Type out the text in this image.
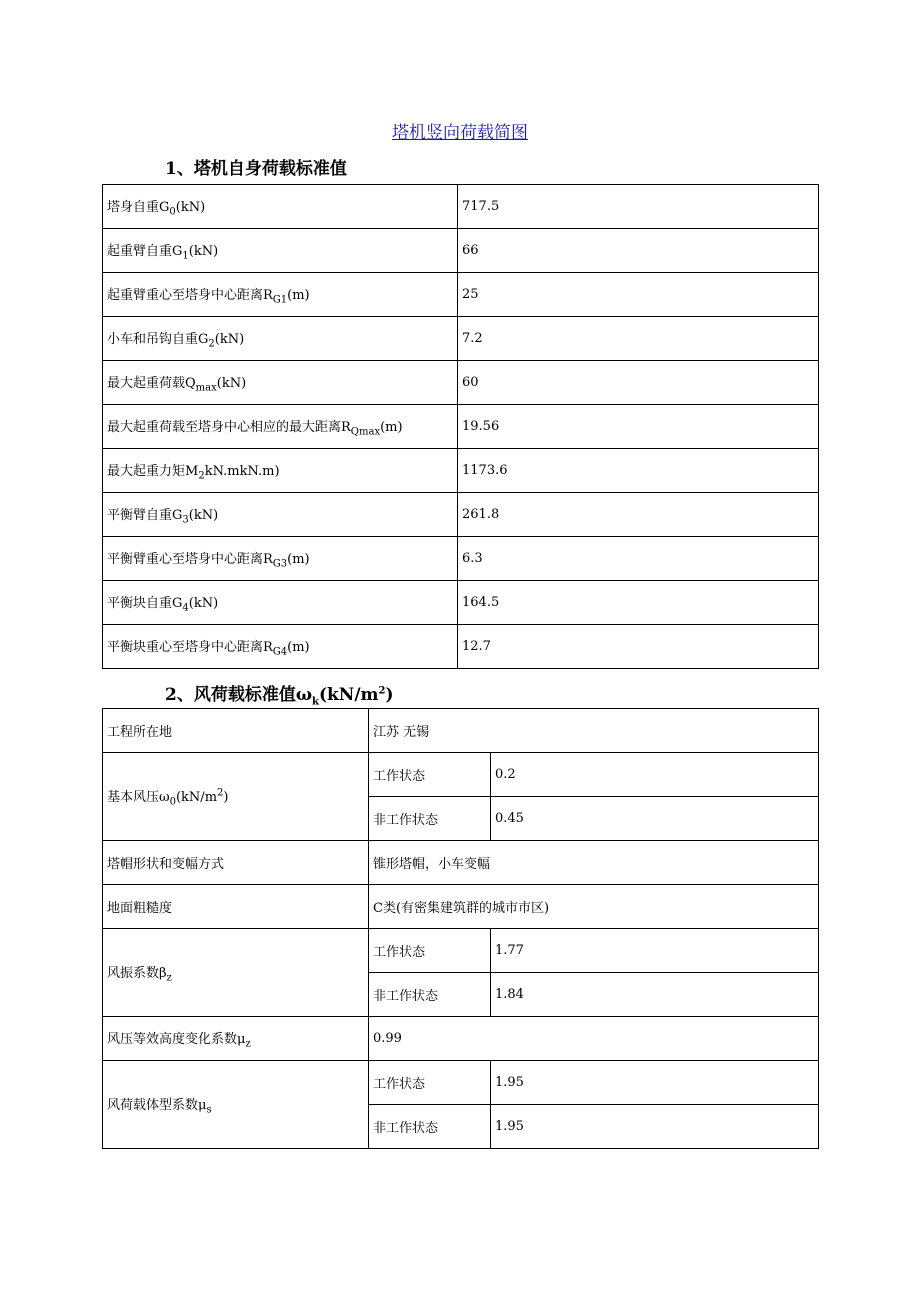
塔机竖向荷载简图
1、塔机自身荷载标准值
塔身自重$G_0(kN)$	717.5
起重臂自重$G_1(kN)$	66
起重臂重心至塔身中心距离$R_{G1}(m)$	25
小车和吊钩自重$G_2(kN)$	7.2
最大起重荷载$Q_{max}(kN)$	60
最大起重荷载至塔身中心相应的最大距离$R_{Qmax}(m)$	19.56
最大起重力矩$M_2kN.mkN.m$)	1173.6
平衡臂自重$G_3(kN)$	261.8
平衡臂重心至塔身中心距离$R_{G3}(m)$	6.3
平衡块自重$G_4(kN)$	164.5
平衡块重心至塔身中心距离$R_{G4}(m)$	12.7
2、风荷载标准值$\omega_k(kN/m^2)$
工程所在地	江苏 无锡	
基本风压$\omega_0(kN/m^2)$	工作状态	0.2
	非工作状态	0.45
塔帽形状和变幅方式	锥形塔帽，小车变幅	
地面粗糙度	C类(有密集建筑群的城市市区)	
风振系数$\beta_z$	工作状态	1.77
	非工作状态	1.84
风压等效高度变化系数$\mu_z$	0.99	
风荷载体型系数$\mu_s$	工作状态	1.95
	非工作状态	1.95
